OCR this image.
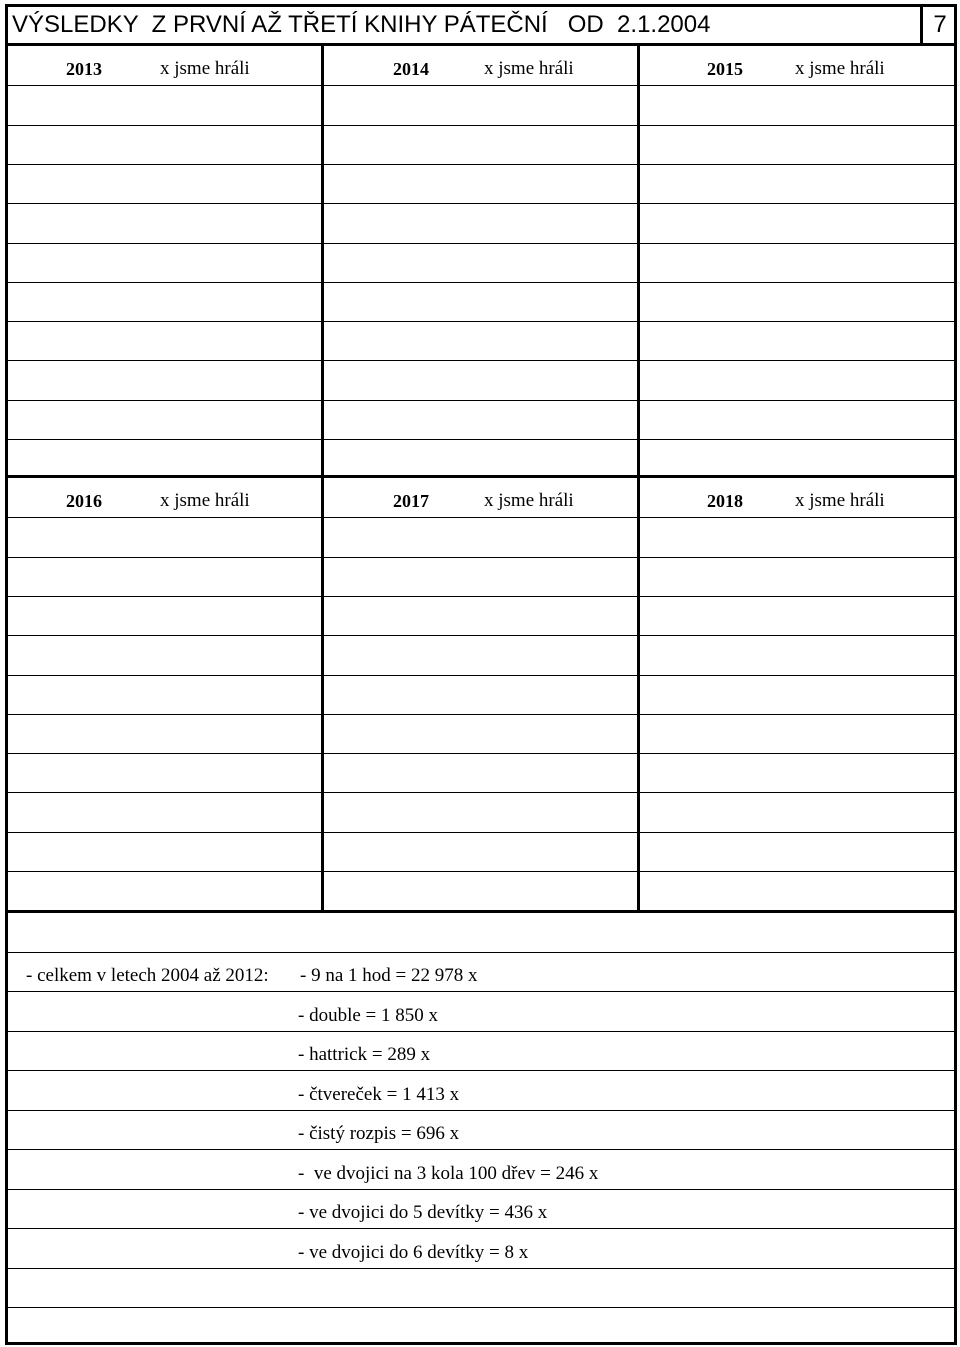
VÝSLEDKY  Z PRVNÍ AŽ TŘETÍ KNIHY PÁTEČNÍ   OD  2.1.2004	7
2013	x jsme hráli	2014	x jsme hráli	2015	x jsme hráli
2016	x jsme hráli	2017	x jsme hráli	2018	x jsme hráli
- celkem v letech 2004 až 2012: - 9 na 1 hod = 22 978 x
- double = 1 850 x
- hattrick = 289 x
- čtvereček = 1 413 x
- čistý rozpis = 696 x
-  ve dvojici na 3 kola 100 dřev = 246 x
- ve dvojici do 5 devítky = 436 x
- ve dvojici do 6 devítky = 8 x
